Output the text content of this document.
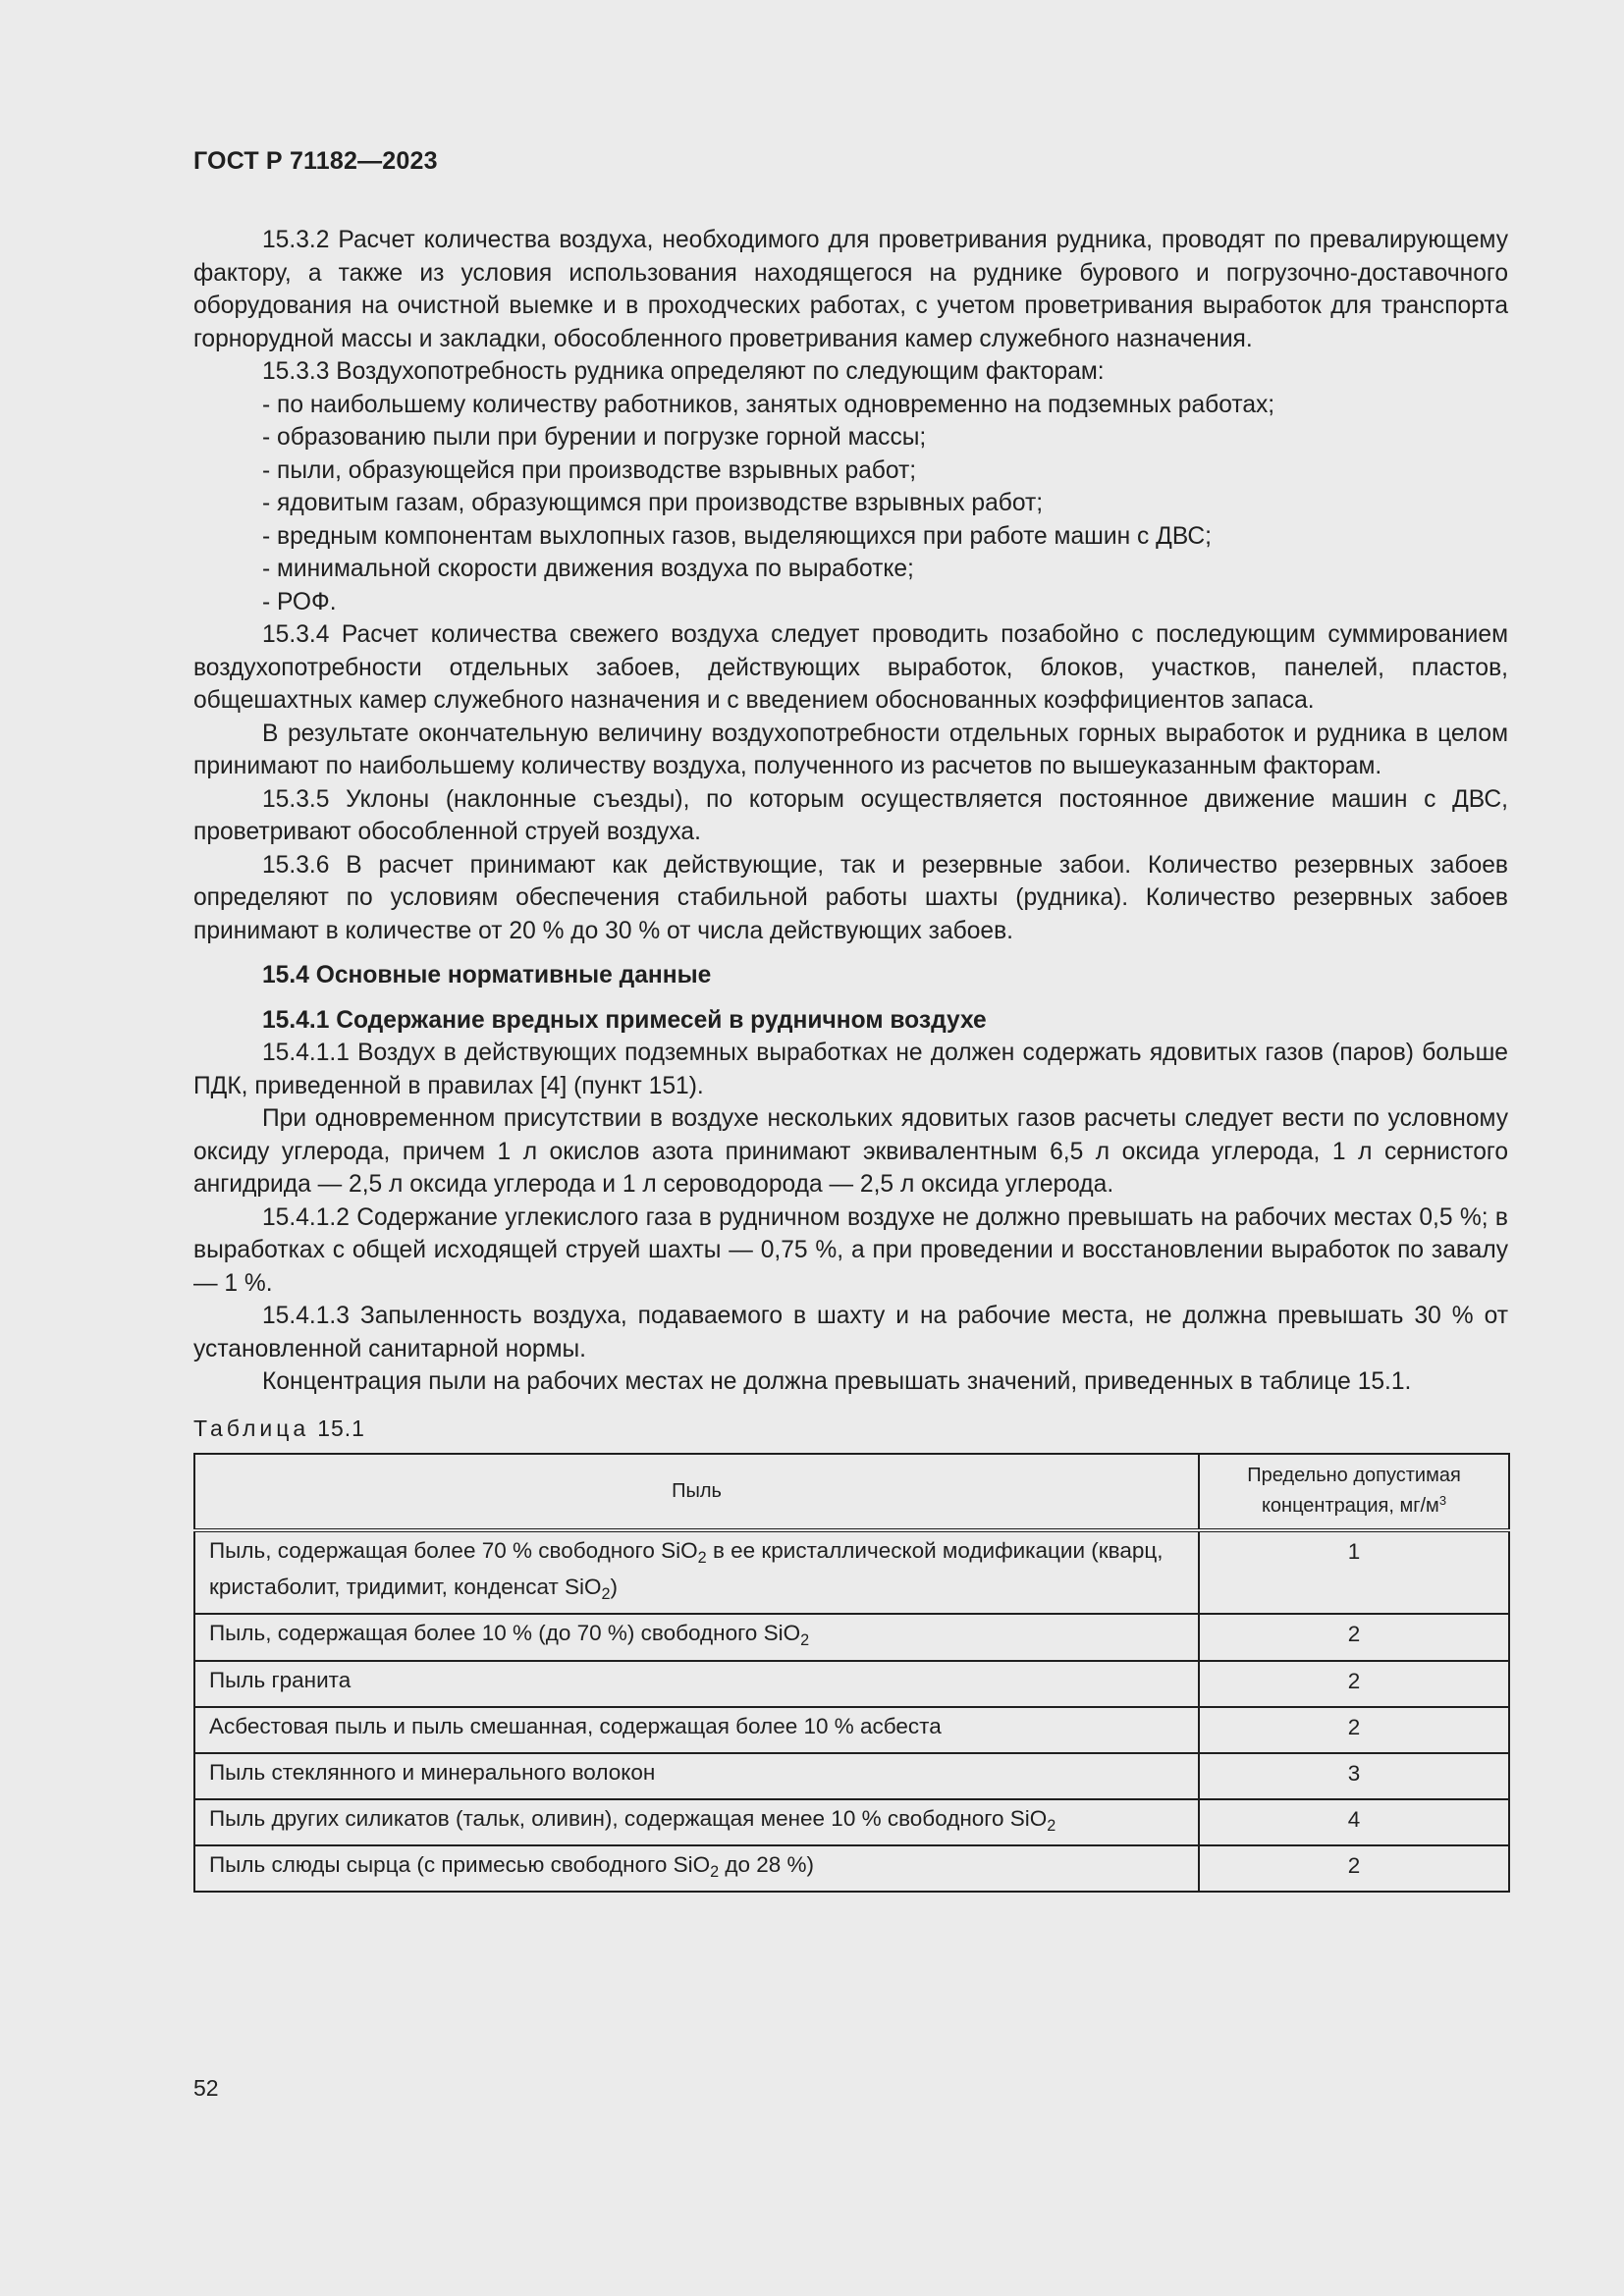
ГОСТ Р 71182—2023

15.3.2 Расчет количества воздуха, необходимого для проветривания рудника, проводят по превалирующему фактору, а также из условия использования находящегося на руднике бурового и погрузочно-доставочного оборудования на очистной выемке и в проходческих работах, с учетом проветривания выработок для транспорта горнорудной массы и закладки, обособленного проветривания камер служебного назначения.

15.3.3 Воздухопотребность рудника определяют по следующим факторам:

- по наибольшему количеству работников, занятых одновременно на подземных работах;

- образованию пыли при бурении и погрузке горной массы;

- пыли, образующейся при производстве взрывных работ;

- ядовитым газам, образующимся при производстве взрывных работ;

- вредным компонентам выхлопных газов, выделяющихся при работе машин с ДВС;

- минимальной скорости движения воздуха по выработке;

- РОФ.

15.3.4 Расчет количества свежего воздуха следует проводить позабойно с последующим суммированием воздухопотребности отдельных забоев, действующих выработок, блоков, участков, панелей, пластов, общешахтных камер служебного назначения и с введением обоснованных коэффициентов запаса.

В результате окончательную величину воздухопотребности отдельных горных выработок и рудника в целом принимают по наибольшему количеству воздуха, полученного из расчетов по вышеуказанным факторам.

15.3.5 Уклоны (наклонные съезды), по которым осуществляется постоянное движение машин с ДВС, проветривают обособленной струей воздуха.

15.3.6 В расчет принимают как действующие, так и резервные забои. Количество резервных забоев определяют по условиям обеспечения стабильной работы шахты (рудника). Количество резервных забоев принимают в количестве от 20 % до 30 % от числа действующих забоев.

15.4 Основные нормативные данные

15.4.1 Содержание вредных примесей в рудничном воздухе

15.4.1.1 Воздух в действующих подземных выработках не должен содержать ядовитых газов (паров) больше ПДК, приведенной в правилах [4] (пункт 151).

При одновременном присутствии в воздухе нескольких ядовитых газов расчеты следует вести по условному оксиду углерода, причем 1 л окислов азота принимают эквивалентным 6,5 л оксида углерода, 1 л сернистого ангидрида — 2,5 л оксида углерода и 1 л сероводорода — 2,5 л оксида углерода.

15.4.1.2 Содержание углекислого газа в рудничном воздухе не должно превышать на рабочих местах 0,5 %; в выработках с общей исходящей струей шахты — 0,75 %, а при проведении и восстановлении выработок по завалу — 1 %.

15.4.1.3 Запыленность воздуха, подаваемого в шахту и на рабочие места, не должна превышать 30 % от установленной санитарной нормы.

Концентрация пыли на рабочих местах не должна превышать значений, приведенных в таблице 15.1.

Таблица 15.1
Пыль	Предельно допустимая
концентрация, $мг/м^3$
Пыль, содержащая более 70 % свободного SiO$_2$ в ее кристаллической модификации (кварц, кристаболит, тридимит, конденсат SiO$_2$)	1
Пыль, содержащая более 10 % (до 70 %) свободного SiO$_2$	2
Пыль гранита	2
Асбестовая пыль и пыль смешанная, содержащая более 10 % асбеста	2
Пыль стеклянного и минерального волокон	3
Пыль других силикатов (тальк, оливин), содержащая менее 10 % свободного SiO$_2$	4
Пыль слюды сырца (с примесью свободного SiO$_2$ до 28 %)	2
52
